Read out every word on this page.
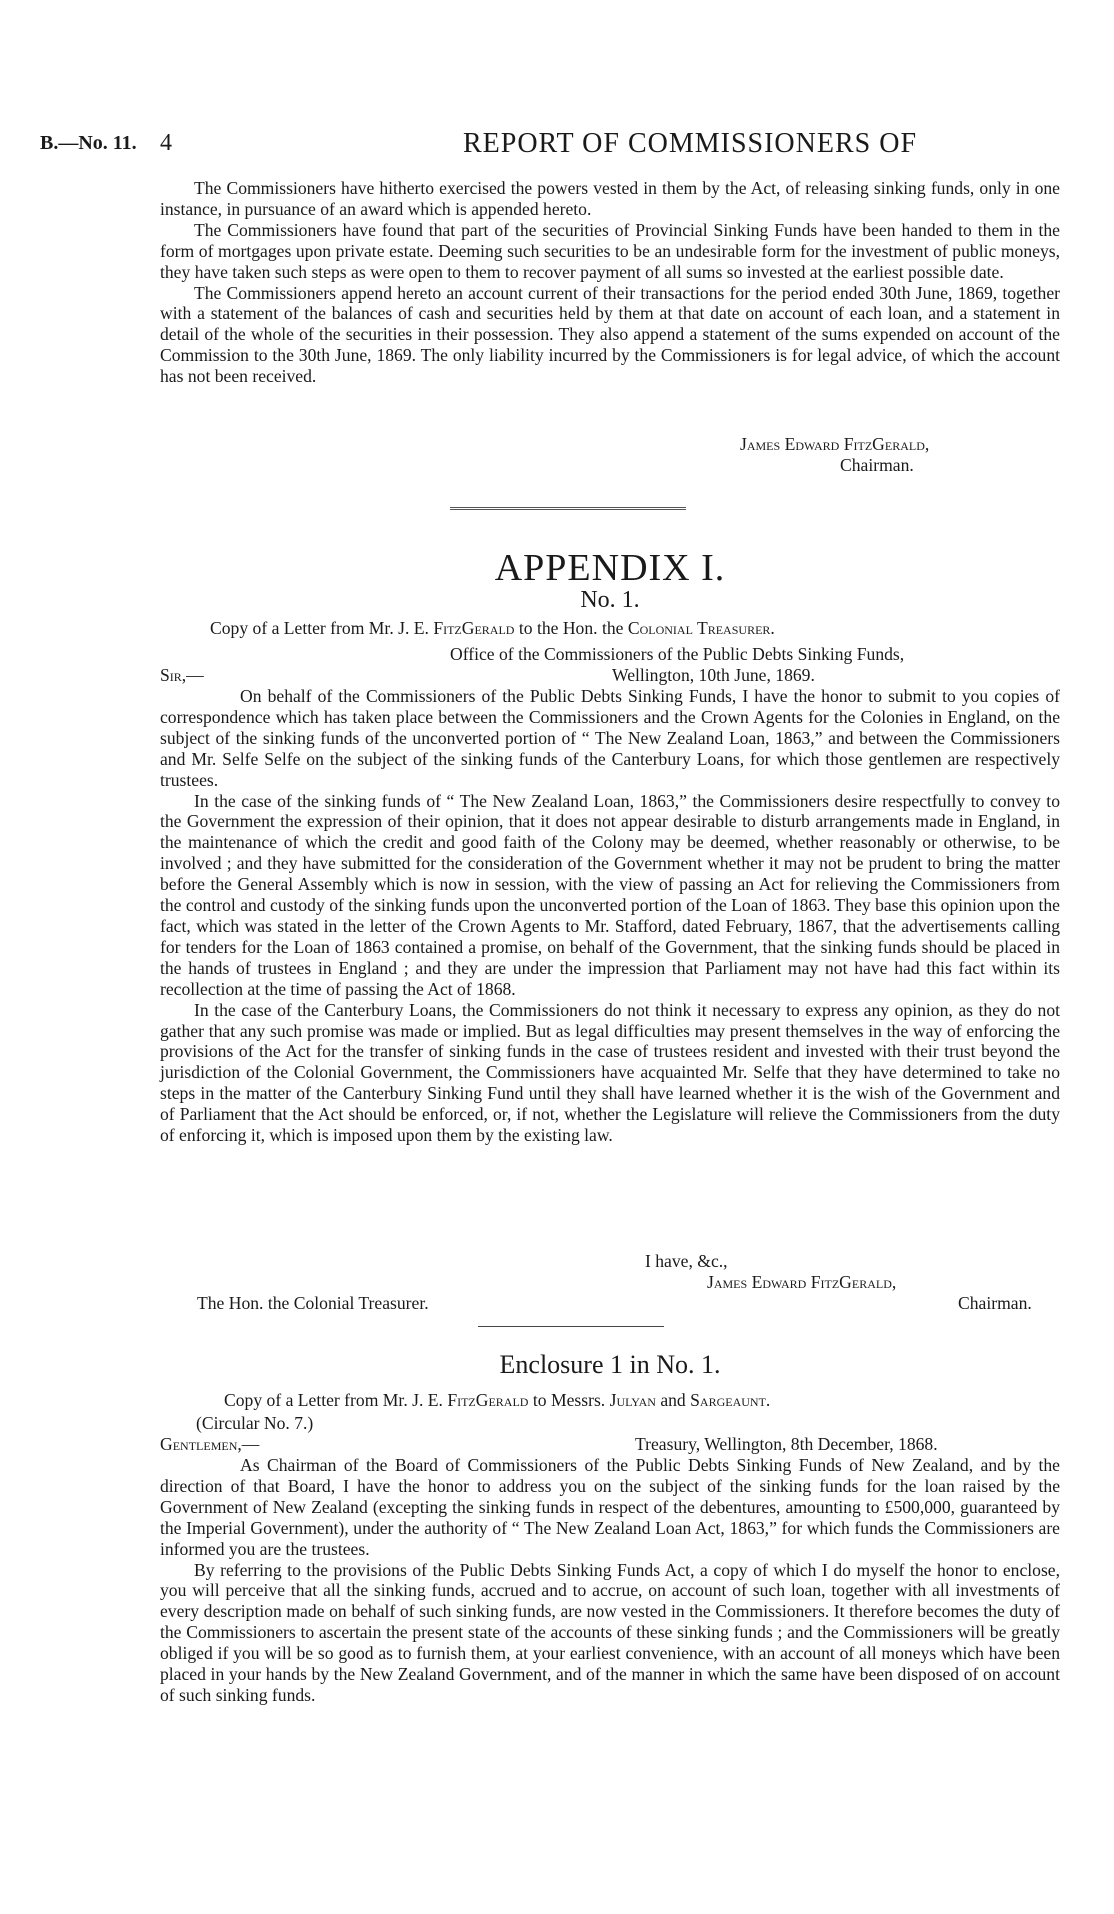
B.—No. 11. 4	REPORT OF COMMISSIONERS OF

The Commissioners have hitherto exercised the powers vested in them by the Act, of releasing sinking funds, only in one instance, in pursuance of an award which is appended hereto.

The Commissioners have found that part of the securities of Provincial Sinking Funds have been handed to them in the form of mortgages upon private estate. Deeming such securities to be an undesirable form for the investment of public moneys, they have taken such steps as were open to them to recover payment of all sums so invested at the earliest possible date.

The Commissioners append hereto an account current of their transactions for the period ended 30th June, 1869, together with a statement of the balances of cash and securities held by them at that date on account of each loan, and a statement in detail of the whole of the securities in their possession. They also append a statement of the sums expended on account of the Commission to the 30th June, 1869. The only liability incurred by the Commissioners is for legal advice, of which the account has not been received.

James Edward FitzGerald,
Chairman.
APPENDIX I.
No. 1.
Copy of a Letter from Mr. J. E. FitzGerald to the Hon. the Colonial Treasurer.
Office of the Commissioners of the Public Debts Sinking Funds,
Sir,—	Wellington, 10th June, 1869.

On behalf of the Commissioners of the Public Debts Sinking Funds, I have the honor to submit to you copies of correspondence which has taken place between the Commissioners and the Crown Agents for the Colonies in England, on the subject of the sinking funds of the unconverted portion of “ The New Zealand Loan, 1863,” and between the Commissioners and Mr. Selfe Selfe on the subject of the sinking funds of the Canterbury Loans, for which those gentlemen are respectively trustees.

In the case of the sinking funds of “ The New Zealand Loan, 1863,” the Commissioners desire respectfully to convey to the Government the expression of their opinion, that it does not appear desirable to disturb arrangements made in England, in the maintenance of which the credit and good faith of the Colony may be deemed, whether reasonably or otherwise, to be involved ; and they have submitted for the consideration of the Government whether it may not be prudent to bring the matter before the General Assembly which is now in session, with the view of passing an Act for relieving the Commissioners from the control and custody of the sinking funds upon the unconverted portion of the Loan of 1863. They base this opinion upon the fact, which was stated in the letter of the Crown Agents to Mr. Stafford, dated February, 1867, that the advertisements calling for tenders for the Loan of 1863 contained a promise, on behalf of the Government, that the sinking funds should be placed in the hands of trustees in England ; and they are under the impression that Parliament may not have had this fact within its recollection at the time of passing the Act of 1868.

In the case of the Canterbury Loans, the Commissioners do not think it necessary to express any opinion, as they do not gather that any such promise was made or implied. But as legal difficulties may present themselves in the way of enforcing the provisions of the Act for the transfer of sinking funds in the case of trustees resident and invested with their trust beyond the jurisdiction of the Colonial Government, the Commissioners have acquainted Mr. Selfe that they have determined to take no steps in the matter of the Canterbury Sinking Fund until they shall have learned whether it is the wish of the Government and of Parliament that the Act should be enforced, or, if not, whether the Legislature will relieve the Commissioners from the duty of enforcing it, which is imposed upon them by the existing law.

I have, &c.,
James Edward FitzGerald,
The Hon. the Colonial Treasurer.	Chairman.
Enclosure 1 in No. 1.
Copy of a Letter from Mr. J. E. FitzGerald to Messrs. Julyan and Sargeaunt.
(Circular No. 7.)
Gentlemen,—	Treasury, Wellington, 8th December, 1868.

As Chairman of the Board of Commissioners of the Public Debts Sinking Funds of New Zealand, and by the direction of that Board, I have the honor to address you on the subject of the sinking funds for the loan raised by the Government of New Zealand (excepting the sinking funds in respect of the debentures, amounting to £500,000, guaranteed by the Imperial Government), under the authority of “ The New Zealand Loan Act, 1863,” for which funds the Commissioners are informed you are the trustees.

By referring to the provisions of the Public Debts Sinking Funds Act, a copy of which I do myself the honor to enclose, you will perceive that all the sinking funds, accrued and to accrue, on account of such loan, together with all investments of every description made on behalf of such sinking funds, are now vested in the Commissioners. It therefore becomes the duty of the Commissioners to ascertain the present state of the accounts of these sinking funds ; and the Commissioners will be greatly obliged if you will be so good as to furnish them, at your earliest convenience, with an account of all moneys which have been placed in your hands by the New Zealand Government, and of the manner in which the same have been disposed of on account of such sinking funds.
